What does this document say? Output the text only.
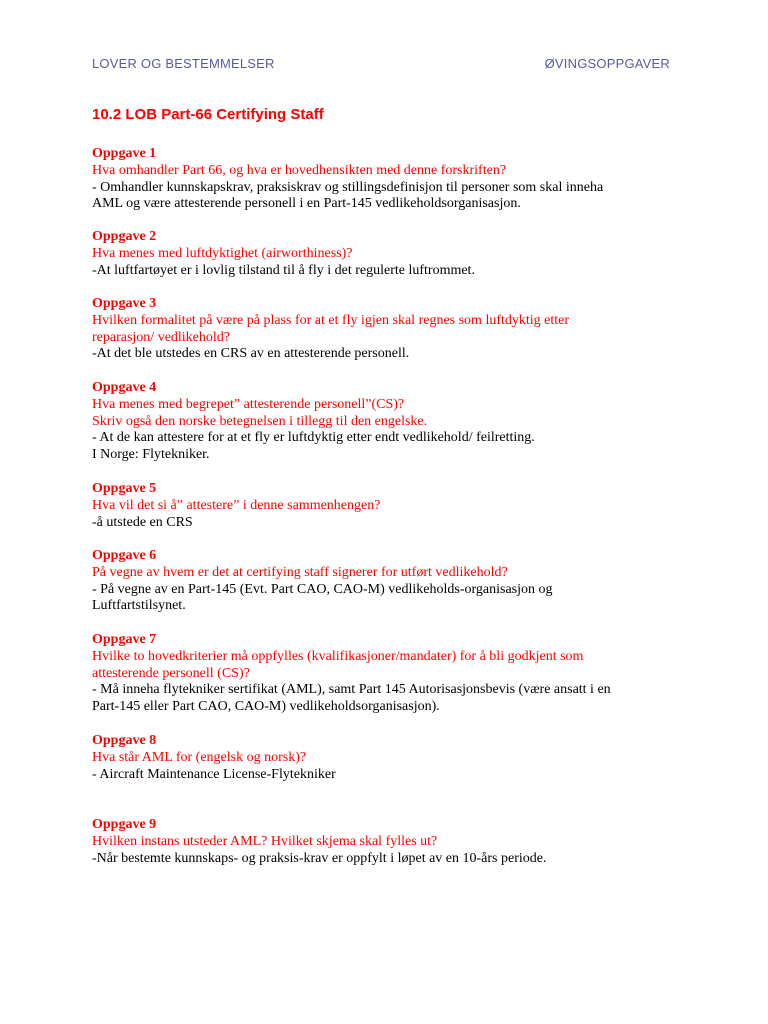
LOVER OG BESTEMMELSER	ØVINGSOPPGAVER
10.2 LOB Part-66 Certifying Staff
Oppgave 1
Hva omhandler Part 66, og hva er hovedhensikten med denne forskriften?
- Omhandler kunnskapskrav, praksiskrav og stillingsdefinisjon til personer som skal inneha
AML og være attesterende personell i en Part-145 vedlikeholdsorganisasjon.
Oppgave 2
Hva menes med luftdyktighet (airworthiness)?
-At luftfartøyet er i lovlig tilstand til å fly i det regulerte luftrommet.
Oppgave 3
Hvilken formalitet på være på plass for at et fly igjen skal regnes som luftdyktig etter
reparasjon/ vedlikehold?
-At det ble utstedes en CRS av en attesterende personell.
Oppgave 4
Hva menes med begrepet” attesterende personell”(CS)?
Skriv også den norske betegnelsen i tillegg til den engelske.
- At de kan attestere for at et fly er luftdyktig etter endt vedlikehold/ feilretting.
I Norge: Flytekniker.
Oppgave 5
Hva vil det si å” attestere” i denne sammenhengen?
-å utstede en CRS
Oppgave 6
På vegne av hvem er det at certifying staff signerer for utført vedlikehold?
- På vegne av en Part-145 (Evt. Part CAO, CAO-M) vedlikeholds-organisasjon og
Luftfartstilsynet.
Oppgave 7
Hvilke to hovedkriterier må oppfylles (kvalifikasjoner/mandater) for å bli godkjent som
attesterende personell (CS)?
- Må inneha flytekniker sertifikat (AML), samt Part 145 Autorisasjonsbevis (være ansatt i en
Part-145 eller Part CAO, CAO-M) vedlikeholdsorganisasjon).
Oppgave 8
Hva står AML for (engelsk og norsk)?
- Aircraft Maintenance License-Flytekniker
Oppgave 9
Hvilken instans utsteder AML? Hvilket skjema skal fylles ut?
-Når bestemte kunnskaps- og praksis-krav er oppfylt i løpet av en 10-års periode.
